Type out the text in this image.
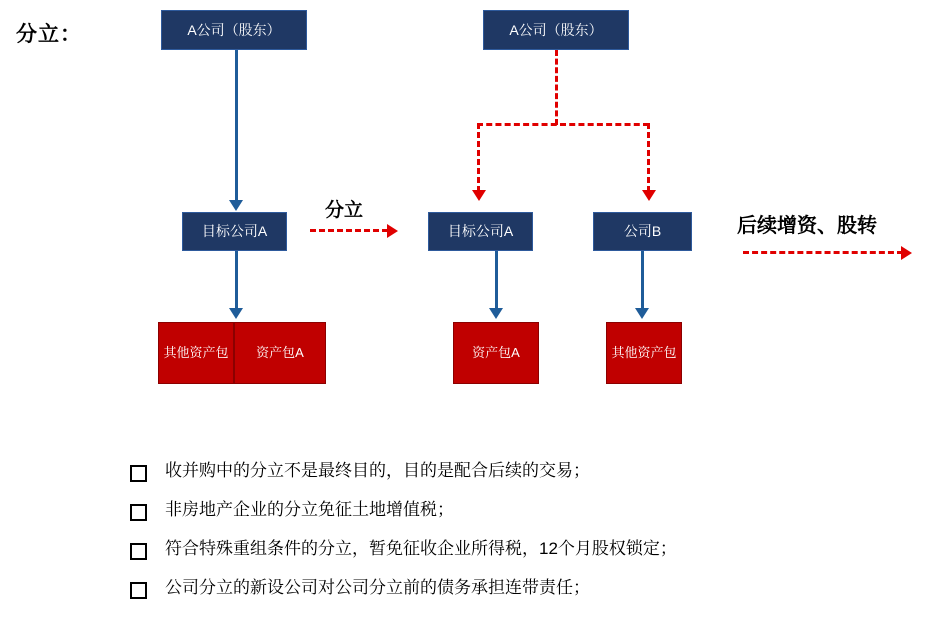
分立：	A公司（股东）
目标公司A
其他资产包	资产包A
分立
A公司（股东）
目标公司A	公司B
资产包A	其他资产包
后续增资、股转
收并购中的分立不是最终目的，目的是配合后续的交易；
非房地产企业的分立免征土地增值税；
符合特殊重组条件的分立，暂免征收企业所得税，12个月股权锁定；
公司分立的新设公司对公司分立前的债务承担连带责任；
